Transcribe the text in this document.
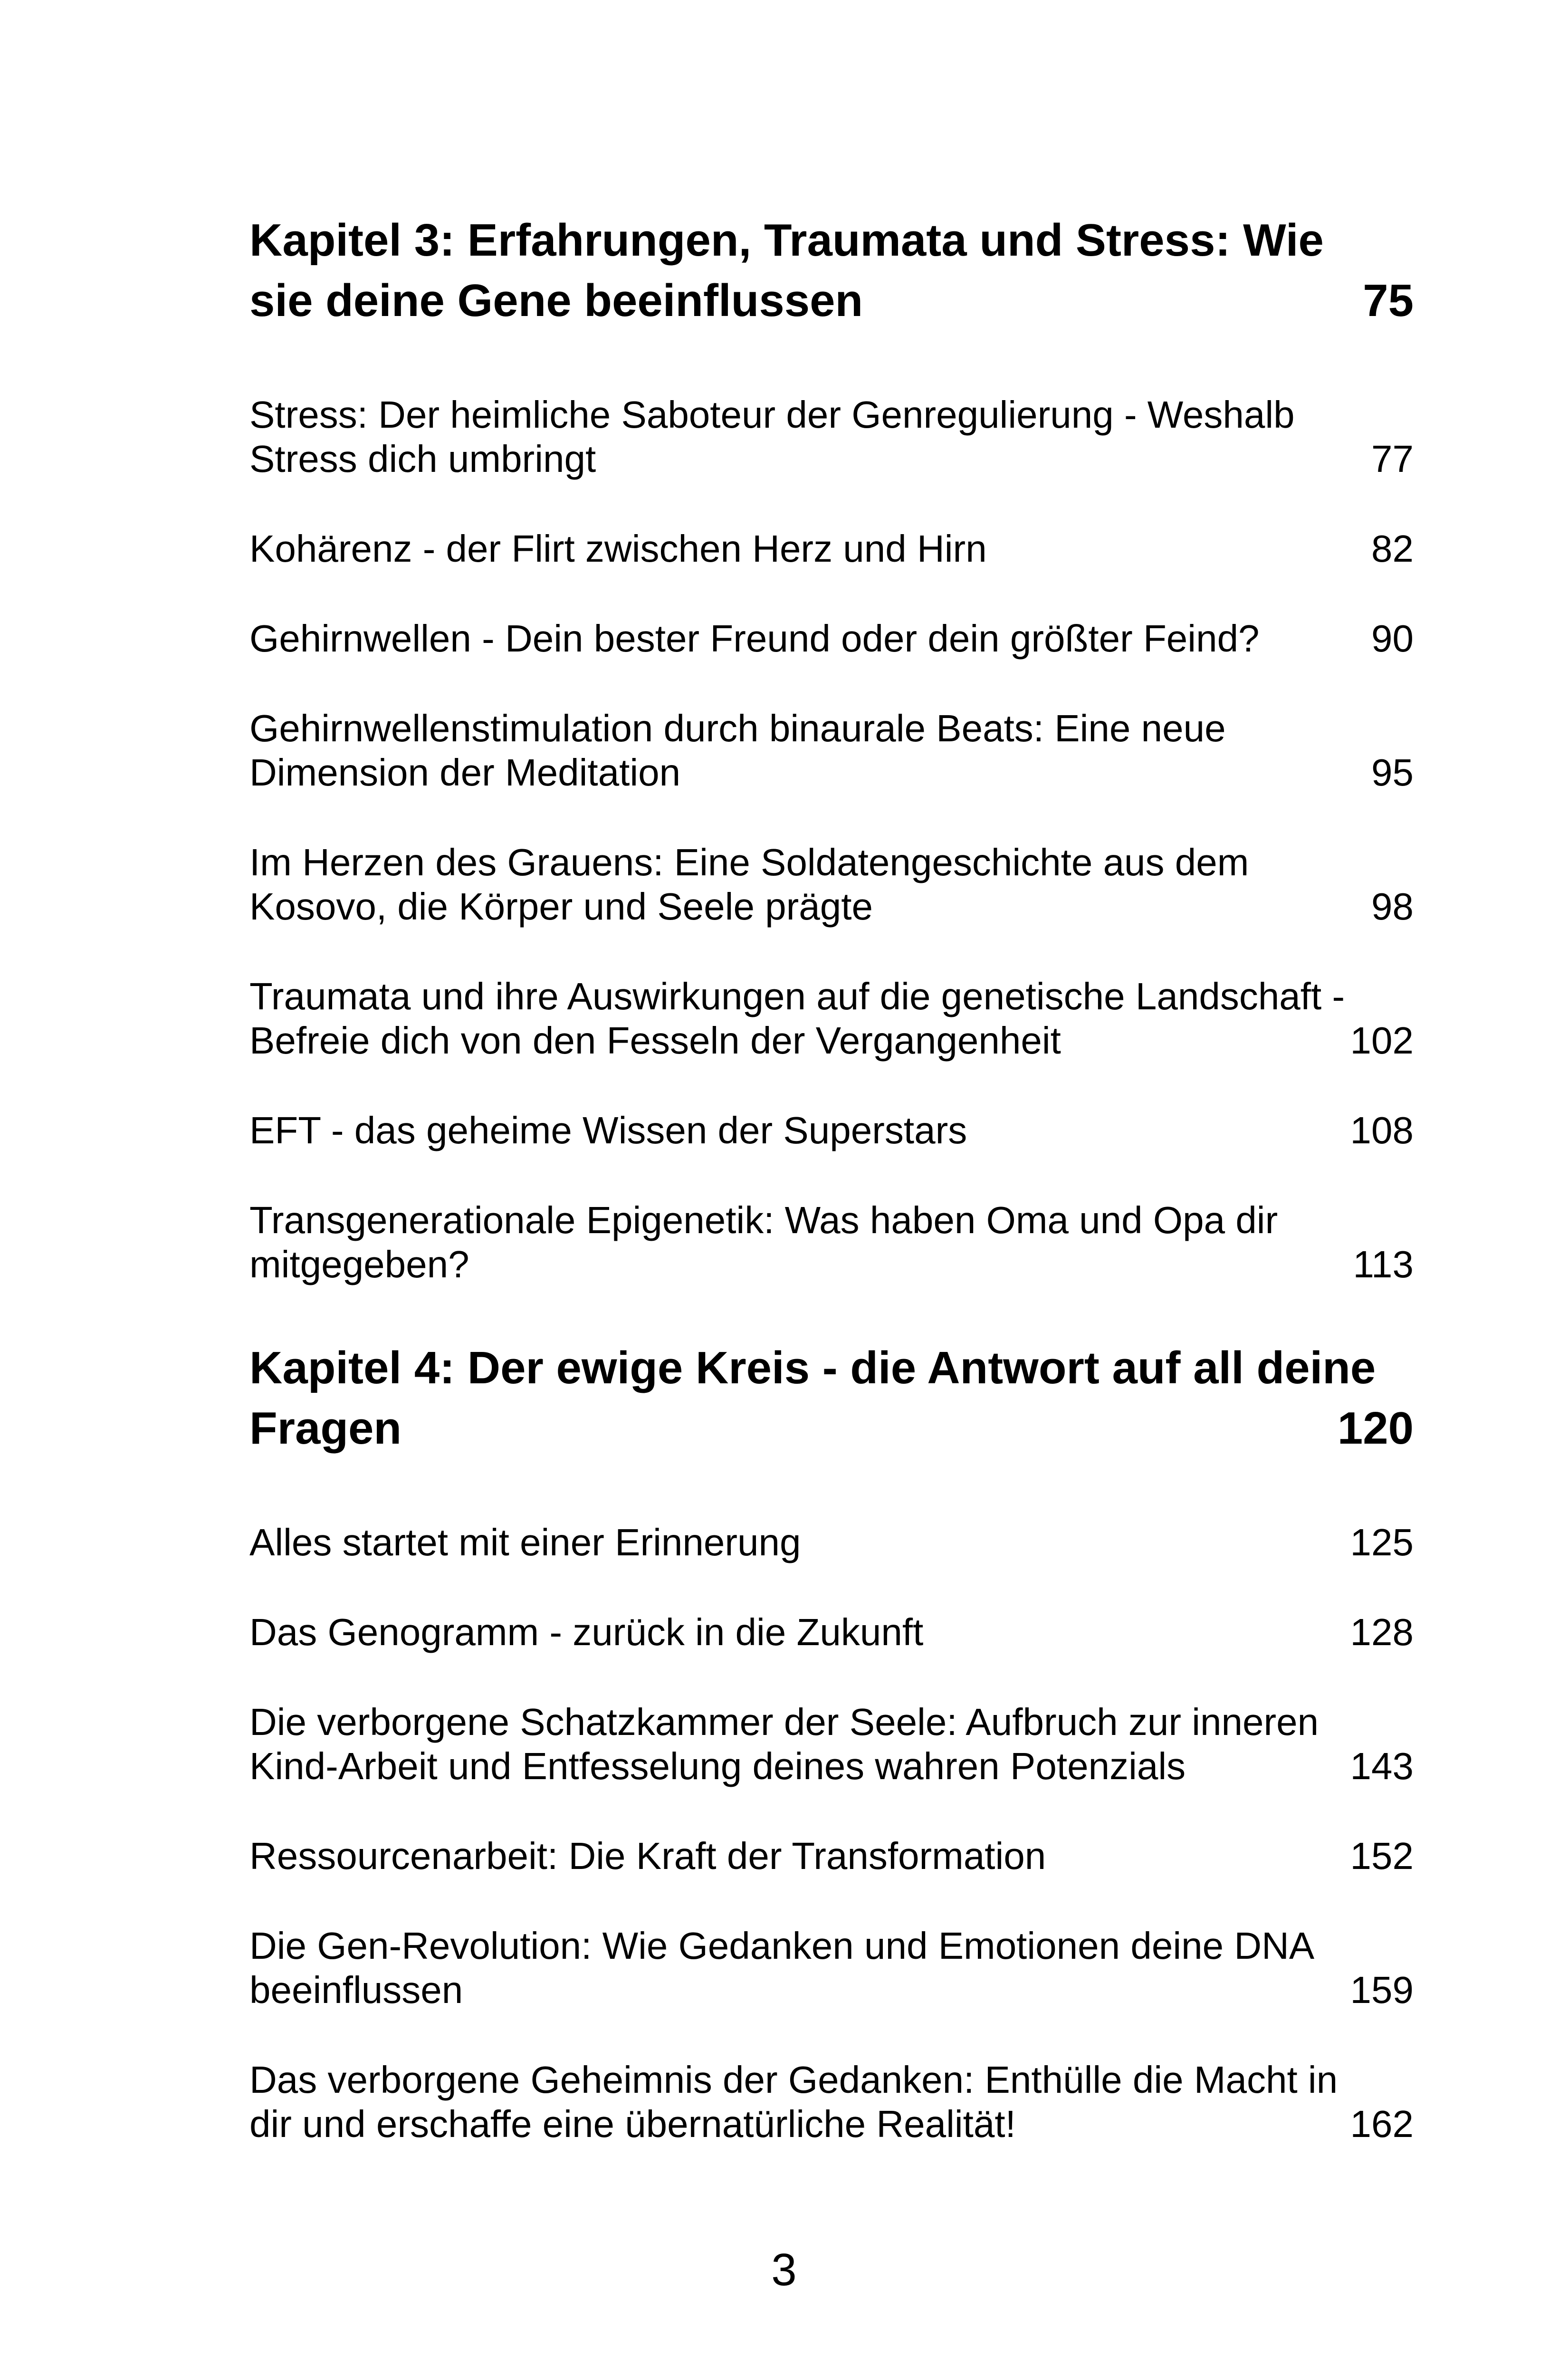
Kapitel 3: Erfahrungen, Traumata und Stress: Wie
sie deine Gene beeinflussen	75
Stress: Der heimliche Saboteur der Genregulierung - Weshalb
Stress dich umbringt	77
Kohärenz - der Flirt zwischen Herz und Hirn	82
Gehirnwellen - Dein bester Freund oder dein größter Feind?	90
Gehirnwellenstimulation durch binaurale Beats: Eine neue
Dimension der Meditation	95
Im Herzen des Grauens: Eine Soldatengeschichte aus dem
Kosovo, die Körper und Seele prägte	98
Traumata und ihre Auswirkungen auf die genetische Landschaft -
Befreie dich von den Fesseln der Vergangenheit	102
EFT - das geheime Wissen der Superstars	108
Transgenerationale Epigenetik: Was haben Oma und Opa dir
mitgegeben?	113
Kapitel 4: Der ewige Kreis - die Antwort auf all deine
Fragen	120
Alles startet mit einer Erinnerung	125
Das Genogramm - zurück in die Zukunft	128
Die verborgene Schatzkammer der Seele: Aufbruch zur inneren
Kind-Arbeit und Entfesselung deines wahren Potenzials	143
Ressourcenarbeit: Die Kraft der Transformation	152
Die Gen-Revolution: Wie Gedanken und Emotionen deine DNA
beeinflussen	159
Das verborgene Geheimnis der Gedanken: Enthülle die Macht in
dir und erschaffe eine übernatürliche Realität!	162
3
